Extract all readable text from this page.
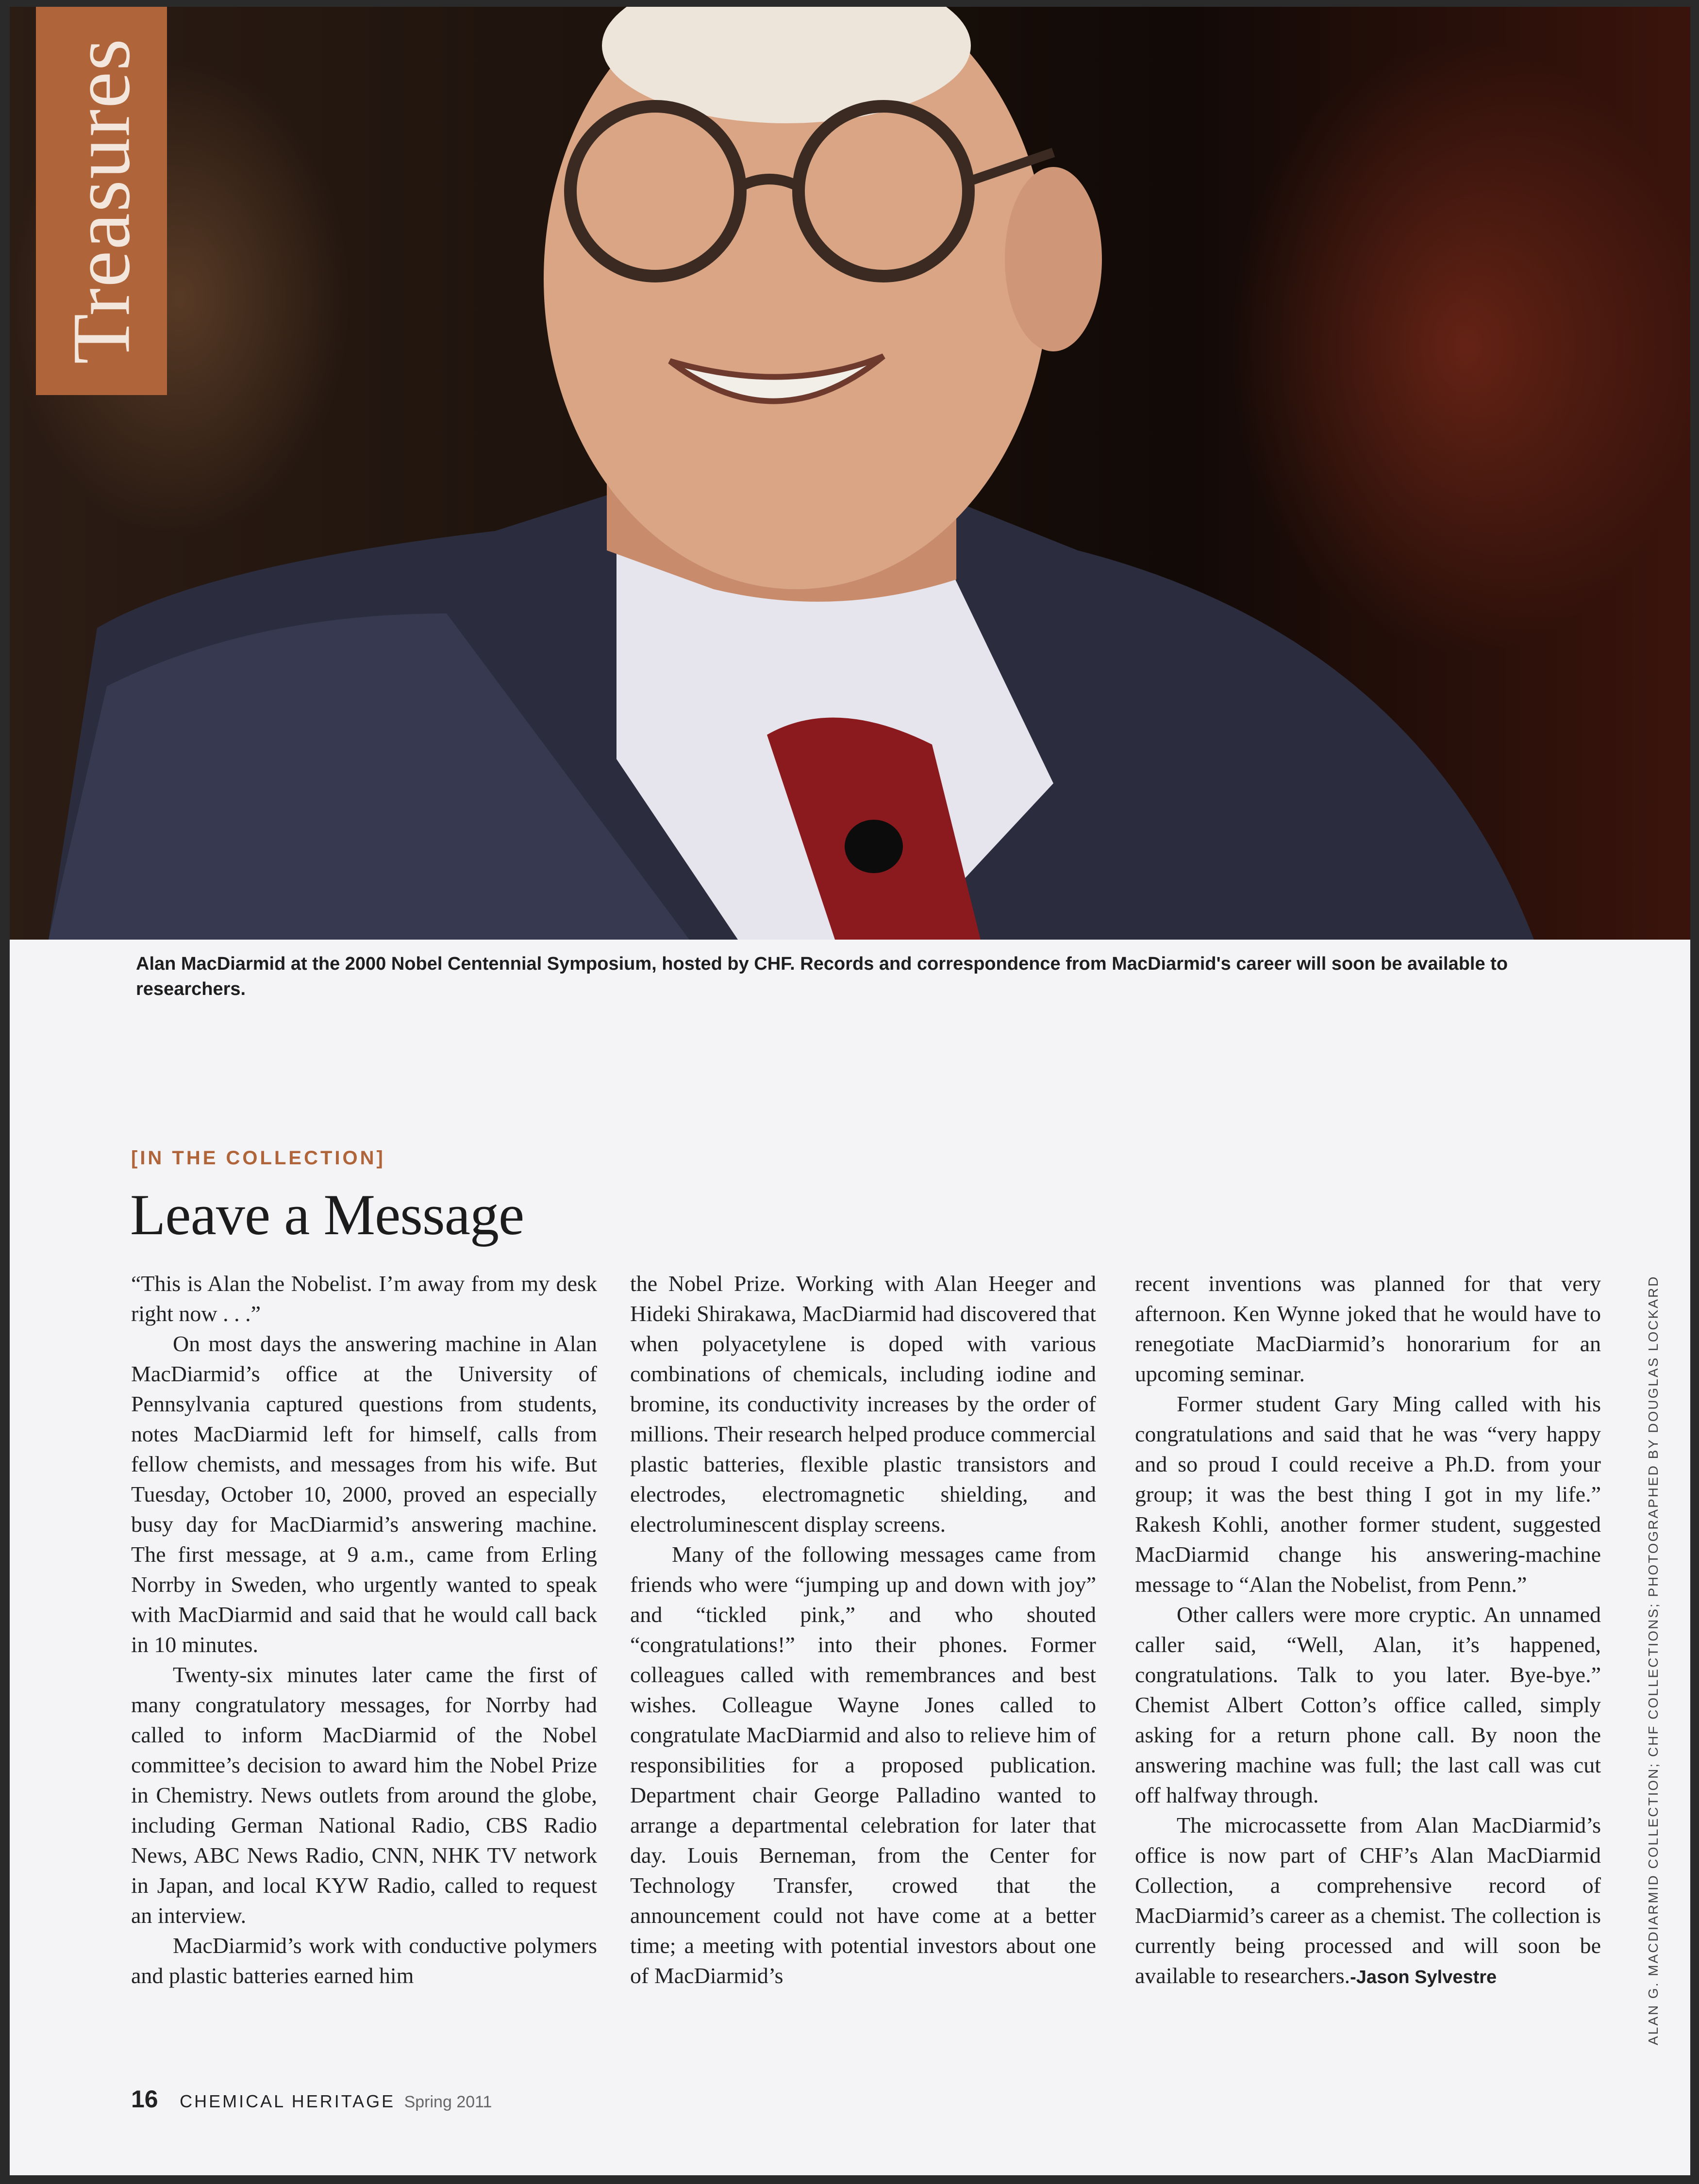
Treasures
Alan MacDiarmid at the 2000 Nobel Centennial Symposium, hosted by CHF. Records and correspondence from MacDiarmid's career will soon be available to researchers.
[IN THE COLLECTION]
Leave a Message

“This is Alan the Nobelist. I’m away from my desk right now . . .”

On most days the answering machine in Alan MacDiarmid’s office at the University of Pennsylvania captured questions from students, notes MacDiarmid left for himself, calls from fellow chemists, and messages from his wife. But Tuesday, October 10, 2000, proved an especially busy day for MacDiarmid’s answering machine. The first message, at 9 a.m., came from Erling Norrby in Sweden, who urgently wanted to speak with MacDiarmid and said that he would call back in 10 minutes.

Twenty-six minutes later came the first of many congratulatory messages, for Norrby had called to inform MacDiarmid of the Nobel committee’s decision to award him the Nobel Prize in Chemistry. News outlets from around the globe, including German National Radio, CBS Radio News, ABC News Radio, CNN, NHK TV network in Japan, and local KYW Radio, called to request an interview.

MacDiarmid’s work with conductive polymers and plastic batteries earned him

the Nobel Prize. Working with Alan Heeger and Hideki Shirakawa, MacDiarmid had discovered that when polyacetylene is doped with various combinations of chemicals, including iodine and bromine, its conductivity increases by the order of millions. Their research helped produce commercial plastic batteries, flexible plastic transistors and electrodes, electromagnetic shielding, and electroluminescent display screens.

Many of the following messages came from friends who were “jumping up and down with joy” and “tickled pink,” and who shouted “congratulations!” into their phones. Former colleagues called with remembrances and best wishes. Colleague Wayne Jones called to congratulate MacDiarmid and also to relieve him of responsibilities for a proposed publication. Department chair George Palladino wanted to arrange a departmental celebration for later that day. Louis Berneman, from the Center for Technology Transfer, crowed that the announcement could not have come at a better time; a meeting with potential investors about one of MacDiarmid’s

recent inventions was planned for that very afternoon. Ken Wynne joked that he would have to renegotiate MacDiarmid’s honorarium for an upcoming seminar.

Former student Gary Ming called with his congratulations and said that he was “very happy and so proud I could receive a Ph.D. from your group; it was the best thing I got in my life.” Rakesh Kohli, another former student, suggested MacDiarmid change his answering-machine message to “Alan the Nobelist, from Penn.”

Other callers were more cryptic. An unnamed caller said, “Well, Alan, it’s happened, congratulations. Talk to you later. Bye-bye.” Chemist Albert Cotton’s office called, simply asking for a return phone call. By noon the answering machine was full; the last call was cut off halfway through.

The microcassette from Alan MacDiarmid’s office is now part of CHF’s Alan MacDiarmid Collection, a comprehensive record of MacDiarmid’s career as a chemist. The collection is currently being processed and will soon be available to researchers.-Jason Sylvestre	ALAN G. MACDIARMID COLLECTION; CHF COLLECTIONS; PHOTOGRAPHED BY DOUGLAS LOCKARD
16 CHEMICAL HERITAGE Spring 2011
